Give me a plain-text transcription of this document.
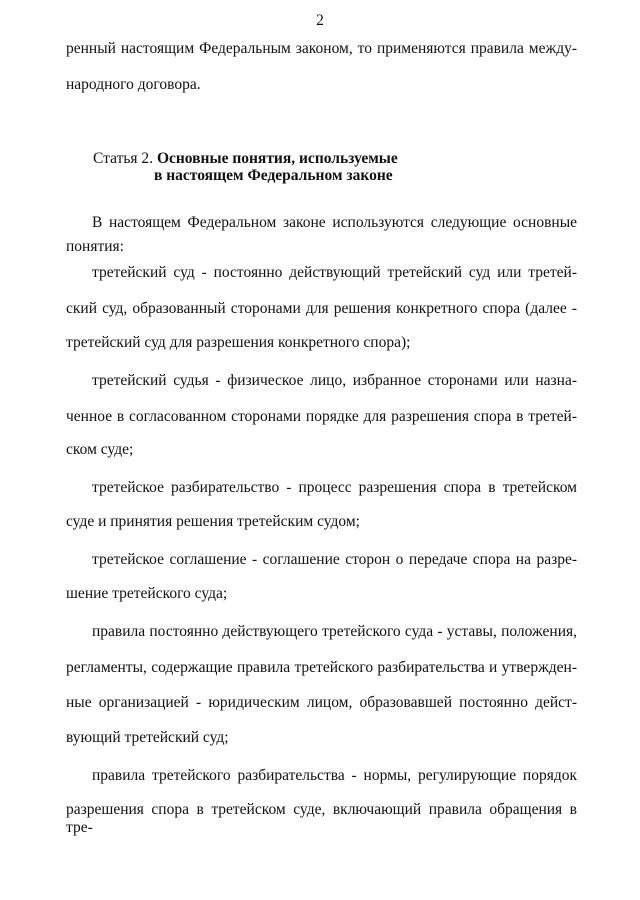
2
ренный настоящим Федеральным законом, то применяются правила между-
народного договора.
Статья 2. Основные понятия, используемые
в настоящем Федеральном законе
В настоящем Федеральном законе используются следующие основные
понятия:
третейский суд - постоянно действующий третейский суд или третей-
ский суд, образованный сторонами для решения конкретного спора (далее -
третейский суд для разрешения конкретного спора);
третейский судья - физическое лицо, избранное сторонами или назна-
ченное в согласованном сторонами порядке для разрешения спора в третей-
ском суде;
третейское разбирательство - процесс разрешения спора в третейском
суде и принятия решения третейским судом;
третейское соглашение - соглашение сторон о передаче спора на разре-
шение третейского суда;
правила постоянно действующего третейского суда - уставы, положения,
регламенты, содержащие правила третейского разбирательства и утвержден-
ные организацией - юридическим лицом, образовавшей постоянно дейст-
вующий третейский суд;
правила третейского разбирательства - нормы, регулирующие порядок
разрешения спора в третейском суде, включающий правила обращения в тре-
